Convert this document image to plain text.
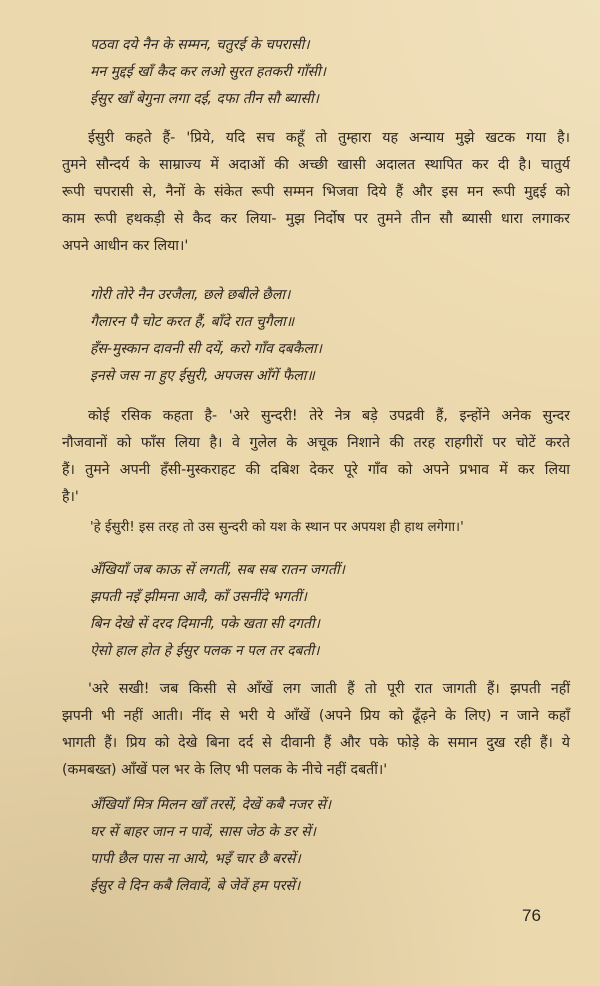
पठवा दये नैन के सम्मन, चतुरई के चपरासी।
मन मुद्दई खाँ कैद कर लओ सुरत हतकरी गाँसी।
ईसुर खाँ बेगुना लगा दई, दफा तीन सौ ब्यासी।
ईसुरी कहते हैं- 'प्रिये, यदि सच कहूँ तो तुम्हारा यह अन्याय मुझे खटक गया है।
तुमने सौन्दर्य के साम्राज्य में अदाओं की अच्छी खासी अदालत स्थापित कर दी है। चातुर्य
रूपी चपरासी से, नैनों के संकेत रूपी सम्मन भिजवा दिये हैं और इस मन रूपी मुद्दई को
काम रूपी हथकड़ी से कैद कर लिया- मुझ निर्दोष पर तुमने तीन सौ ब्यासी धारा लगाकर
अपने आधीन कर लिया।'
गोरी तोरे नैन उरजैला, छले छबीले छैला।
गैलारन पै चोट करत हैं, बाँदे रात चुगैला॥
हँस-मुस्कान दावनी सी दयें, करो गाँव दबकैला।
इनसे जस ना हुए ईसुरी, अपजस आँगें फैला॥
कोई रसिक कहता है- 'अरे सुन्दरी! तेरे नेत्र बड़े उपद्रवी हैं, इन्होंने अनेक सुन्दर
नौजवानों को फाँस लिया है। वे गुलेल के अचूक निशाने की तरह राहगीरों पर चोटें करते
हैं। तुमने अपनी हँसी-मुस्कराहट की दबिश देकर पूरे गाँव को अपने प्रभाव में कर लिया
है।'
'हे ईसुरी! इस तरह तो उस सुन्दरी को यश के स्थान पर अपयश ही हाथ लगेगा।'
अँखियाँ जब काऊ सें लगतीं, सब सब रातन जगतीं।
झपती नइँ झीमना आवै, काँ उसनींदे भगतीं।
बिन देखे सें दरद दिमानी, पके खता सी दगती।
ऐसो हाल होत हे ईसुर पलक न पल तर दबती।
'अरे सखी! जब किसी से आँखें लग जाती हैं तो पूरी रात जागती हैं। झपती नहीं
झपनी भी नहीं आती। नींद से भरी ये आँखें (अपने प्रिय को ढूँढ़ने के लिए) न जाने कहाँ
भागती हैं। प्रिय को देखे बिना दर्द से दीवानी हैं और पके फोड़े के समान दुख रही हैं। ये
(कमबख्त) आँखें पल भर के लिए भी पलक के नीचे नहीं दबतीं।'
अँखियाँ मित्र मिलन खाँ तरसें, देखें कबै नजर सें।
घर सें बाहर जान न पावें, सास जेठ के डर सें।
पापी छैल पास ना आये, भइँ चार छै बरसें।
ईसुर वे दिन कबै लिवावें, बे जेवें हम परसें।
76
